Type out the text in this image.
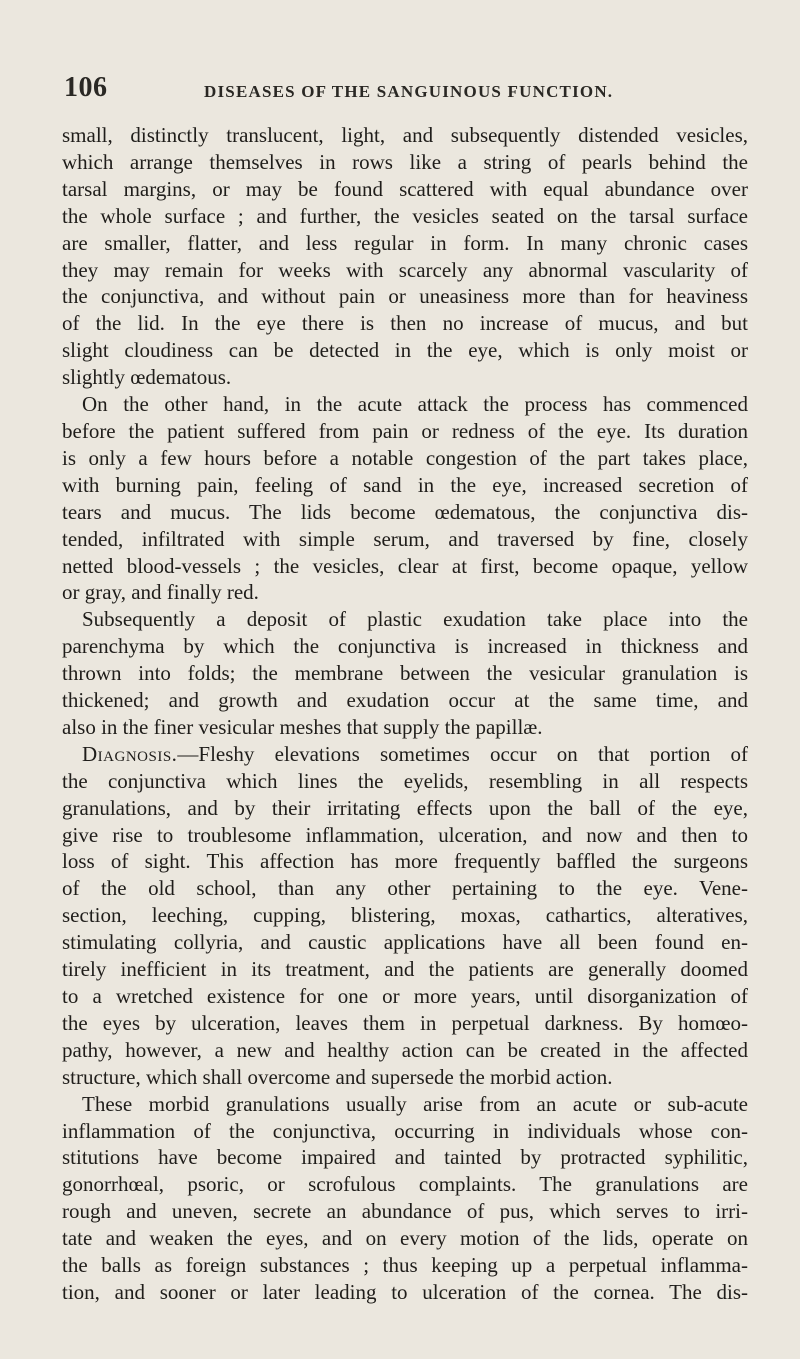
106	DISEASES OF THE SANGUINOUS FUNCTION.

small, distinctly translucent, light, and subsequently distended vesicles,
which arrange themselves in rows like a string of pearls behind the
tarsal margins, or may be found scattered with equal abundance over
the whole surface ; and further, the vesicles seated on the tarsal surface
are smaller, flatter, and less regular in form. In many chronic cases
they may remain for weeks with scarcely any abnormal vascularity of
the conjunctiva, and without pain or uneasiness more than for heaviness
of the lid. In the eye there is then no increase of mucus, and but
slight cloudiness can be detected in the eye, which is only moist or
slightly œdematous.

On the other hand, in the acute attack the process has commenced
before the patient suffered from pain or redness of the eye. Its duration
is only a few hours before a notable congestion of the part takes place,
with burning pain, feeling of sand in the eye, increased secretion of
tears and mucus. The lids become œdematous, the conjunctiva dis-
tended, infiltrated with simple serum, and traversed by fine, closely
netted blood-vessels ; the vesicles, clear at first, become opaque, yellow
or gray, and finally red.

Subsequently a deposit of plastic exudation take place into the
parenchyma by which the conjunctiva is increased in thickness and
thrown into folds; the membrane between the vesicular granulation is
thickened; and growth and exudation occur at the same time, and
also in the finer vesicular meshes that supply the papillæ.

Diagnosis.—Fleshy elevations sometimes occur on that portion of
the conjunctiva which lines the eyelids, resembling in all respects
granulations, and by their irritating effects upon the ball of the eye,
give rise to troublesome inflammation, ulceration, and now and then to
loss of sight. This affection has more frequently baffled the surgeons
of the old school, than any other pertaining to the eye. Vene-
section, leeching, cupping, blistering, moxas, cathartics, alteratives,
stimulating collyria, and caustic applications have all been found en-
tirely inefficient in its treatment, and the patients are generally doomed
to a wretched existence for one or more years, until disorganization of
the eyes by ulceration, leaves them in perpetual darkness. By homœo-
pathy, however, a new and healthy action can be created in the affected
structure, which shall overcome and supersede the morbid action.

These morbid granulations usually arise from an acute or sub-acute
inflammation of the conjunctiva, occurring in individuals whose con-
stitutions have become impaired and tainted by protracted syphilitic,
gonorrhœal, psoric, or scrofulous complaints. The granulations are
rough and uneven, secrete an abundance of pus, which serves to irri-
tate and weaken the eyes, and on every motion of the lids, operate on
the balls as foreign substances ; thus keeping up a perpetual inflamma-
tion, and sooner or later leading to ulceration of the cornea. The dis-
